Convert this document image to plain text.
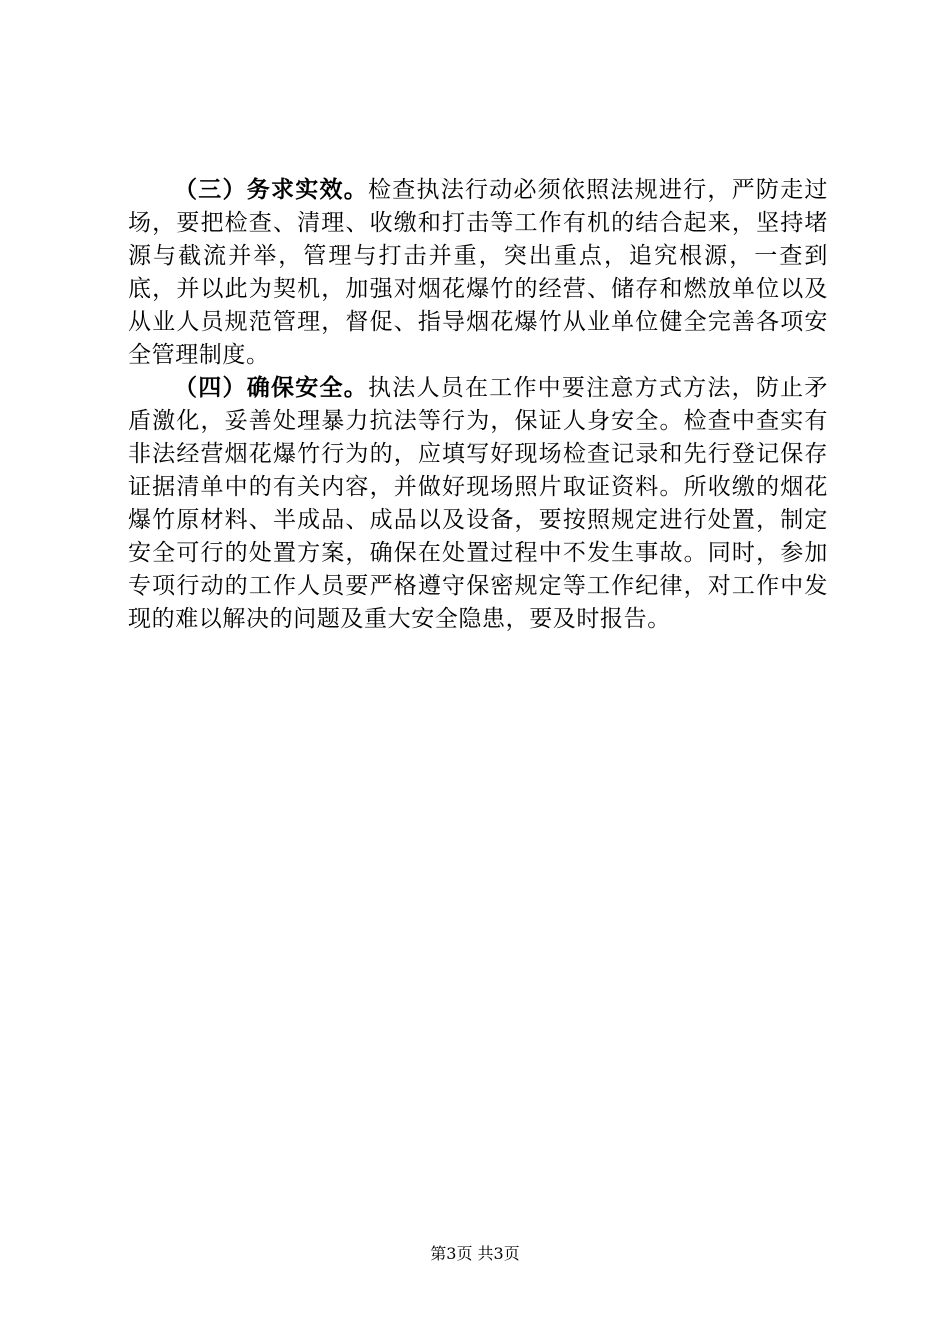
（三）务求实效。检查执法行动必须依照法规进行，严防走过场，要把检查、清理、收缴和打击等工作有机的结合起来，坚持堵源与截流并举，管理与打击并重，突出重点，追究根源，一查到底，并以此为契机，加强对烟花爆竹的经营、储存和燃放单位以及从业人员规范管理，督促、指导烟花爆竹从业单位健全完善各项安全管理制度。

（四）确保安全。执法人员在工作中要注意方式方法，防止矛盾激化，妥善处理暴力抗法等行为，保证人身安全。检查中查实有非法经营烟花爆竹行为的，应填写好现场检查记录和先行登记保存证据清单中的有关内容，并做好现场照片取证资料。所收缴的烟花爆竹原材料、半成品、成品以及设备，要按照规定进行处置，制定安全可行的处置方案，确保在处置过程中不发生事故。同时，参加专项行动的工作人员要严格遵守保密规定等工作纪律，对工作中发现的难以解决的问题及重大安全隐患，要及时报告。

第3页 共3页
